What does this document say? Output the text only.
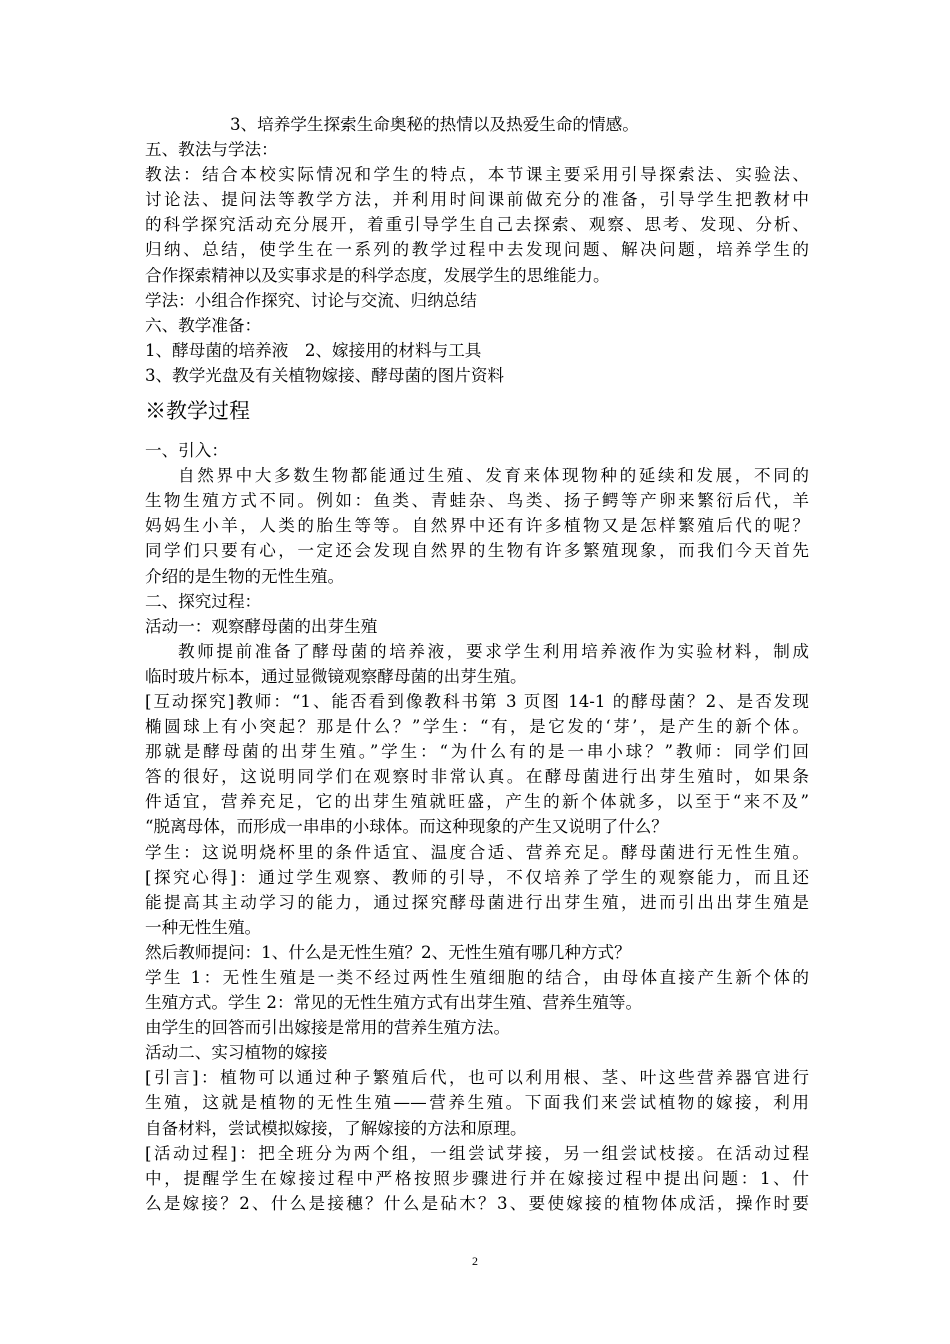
3、培养学生探索生命奥秘的热情以及热爱生命的情感。

五、教法与学法：

教法：结合本校实际情况和学生的特点，本节课主要采用引导探索法、实验法、

讨论法、提问法等教学方法，并利用时间课前做充分的准备，引导学生把教材中

的科学探究活动充分展开，着重引导学生自己去探索、观察、思考、发现、分析、

归纳、总结，使学生在一系列的教学过程中去发现问题、解决问题，培养学生的

合作探索精神以及实事求是的科学态度，发展学生的思维能力。

学法：小组合作探究、讨论与交流、归纳总结

六、教学准备：

1、酵母菌的培养液　2、嫁接用的材料与工具

3、教学光盘及有关植物嫁接、酵母菌的图片资料

※教学过程

一、引入：

自然界中大多数生物都能通过生殖、发育来体现物种的延续和发展，不同的

生物生殖方式不同。例如：鱼类、青蛙杂、鸟类、扬子鳄等产卵来繁衍后代，羊

妈妈生小羊，人类的胎生等等。自然界中还有许多植物又是怎样繁殖后代的呢？

同学们只要有心，一定还会发现自然界的生物有许多繁殖现象，而我们今天首先

介绍的是生物的无性生殖。

二、探究过程：

活动一：观察酵母菌的出芽生殖

教师提前准备了酵母菌的培养液，要求学生利用培养液作为实验材料，制成

临时玻片标本，通过显微镜观察酵母菌的出芽生殖。

[互动探究]教师：“1、能否看到像教科书第 3 页图 14-1 的酵母菌？2、是否发现

椭圆球上有小突起？那是什么？”学生：“有，是它发的‘芽’，是产生的新个体。

那就是酵母菌的出芽生殖。”学生：“为什么有的是一串小球？”教师：同学们回

答的很好，这说明同学们在观察时非常认真。在酵母菌进行出芽生殖时，如果条

件适宜，营养充足，它的出芽生殖就旺盛，产生的新个体就多，以至于“来不及”

“脱离母体，而形成一串串的小球体。而这种现象的产生又说明了什么？

学生：这说明烧杯里的条件适宜、温度合适、营养充足。酵母菌进行无性生殖。

[探究心得]：通过学生观察、教师的引导，不仅培养了学生的观察能力，而且还

能提高其主动学习的能力，通过探究酵母菌进行出芽生殖，进而引出出芽生殖是

一种无性生殖。

然后教师提问：1、什么是无性生殖？2、无性生殖有哪几种方式？

学生 1：无性生殖是一类不经过两性生殖细胞的结合，由母体直接产生新个体的

生殖方式。学生 2：常见的无性生殖方式有出芽生殖、营养生殖等。

由学生的回答而引出嫁接是常用的营养生殖方法。

活动二、实习植物的嫁接

[引言]：植物可以通过种子繁殖后代，也可以利用根、茎、叶这些营养器官进行

生殖，这就是植物的无性生殖——营养生殖。下面我们来尝试植物的嫁接，利用

自备材料，尝试模拟嫁接，了解嫁接的方法和原理。

[活动过程]：把全班分为两个组，一组尝试芽接，另一组尝试枝接。在活动过程

中，提醒学生在嫁接过程中严格按照步骤进行并在嫁接过程中提出问题：1、什

么是嫁接？2、什么是接穗？什么是砧木？3、要使嫁接的植物体成活，操作时要

2
